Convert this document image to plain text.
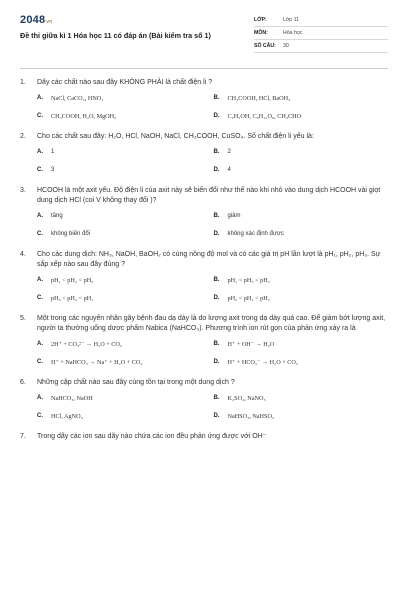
2048vn
Đề thi giữa kì 1 Hóa học 11 có đáp án (Bài kiểm tra số 1)
LỚP:	Lớp 11
MÔN:	Hóa học
SỐ CÂU:	30
1.	Dãy các chất nào sau đây KHÔNG PHẢI là chất điện li ?
A.	NaCl, CaCO₃, HNO₃	B.	CH₃COOH, HCl, BaOH₂
C.	CH₃COOH, H₂O, MgOH₂	D.	C₂H₅OH, C₆H₁₂O₆, CH₃CHO
2.	Cho các chất sau đây: H₂O, HCl, NaOH, NaCl, CH₃COOH, CuSO₄. Số chất điện li yếu là:
A.	1	B.	2
C.	3	D.	4
3.	HCOOH là một axit yếu. Độ điện li của axit này sẽ biến đổi như thế nào khi nhỏ vào dung dịch HCOOH vài giọt dung dịch HCl (coi V không thay đổi )?
A.	tăng	B.	giảm
C.	không biến đổi	D.	không xác định được
4.	Cho các dung dịch: NH₃, NaOH, BaOH₂ có cùng nồng độ mol và có các giá trị pH lần lượt là pH₁, pH₂, pH₃. Sự sắp xếp nào sau đây đúng ?
A.	pH₁ < pH₂ < pH₃	B.	pH₁ < pH₃ < pH₂
C.	pH₃ < pH₂ < pH₁	D.	pH₂ < pH₁ < pH₂
5.	Một trong các nguyên nhân gây bệnh đau dạ dày là do lượng axit trong dạ dày quá cao. Để giảm bớt lượng axit, người ta thường uống dược phẩm Nabica (NaHCO₃). Phương trình ion rút gọn của phản ứng xảy ra là
A.	2H⁺ + CO₃²⁻ → H₂O + CO₂	B.	H⁺ + OH⁻ → H₂O
C.	H⁺ + NaHCO₃ → Na⁺ + H₂O + CO₂	D.	H⁺ + HCO₃⁻ → H₂O + CO₂
6.	Những cặp chất nào sau đây cùng tồn tại trong một dung dịch ?
A.	NaHCO₃, NaOH	B.	K₂SO₄, NaNO₃
C.	HCl, AgNO₃	D.	NaHSO₃, NaHSO₄
7.	Trong dãy các ion sau dãy nào chứa các ion đều phản ứng được với OH⁻
